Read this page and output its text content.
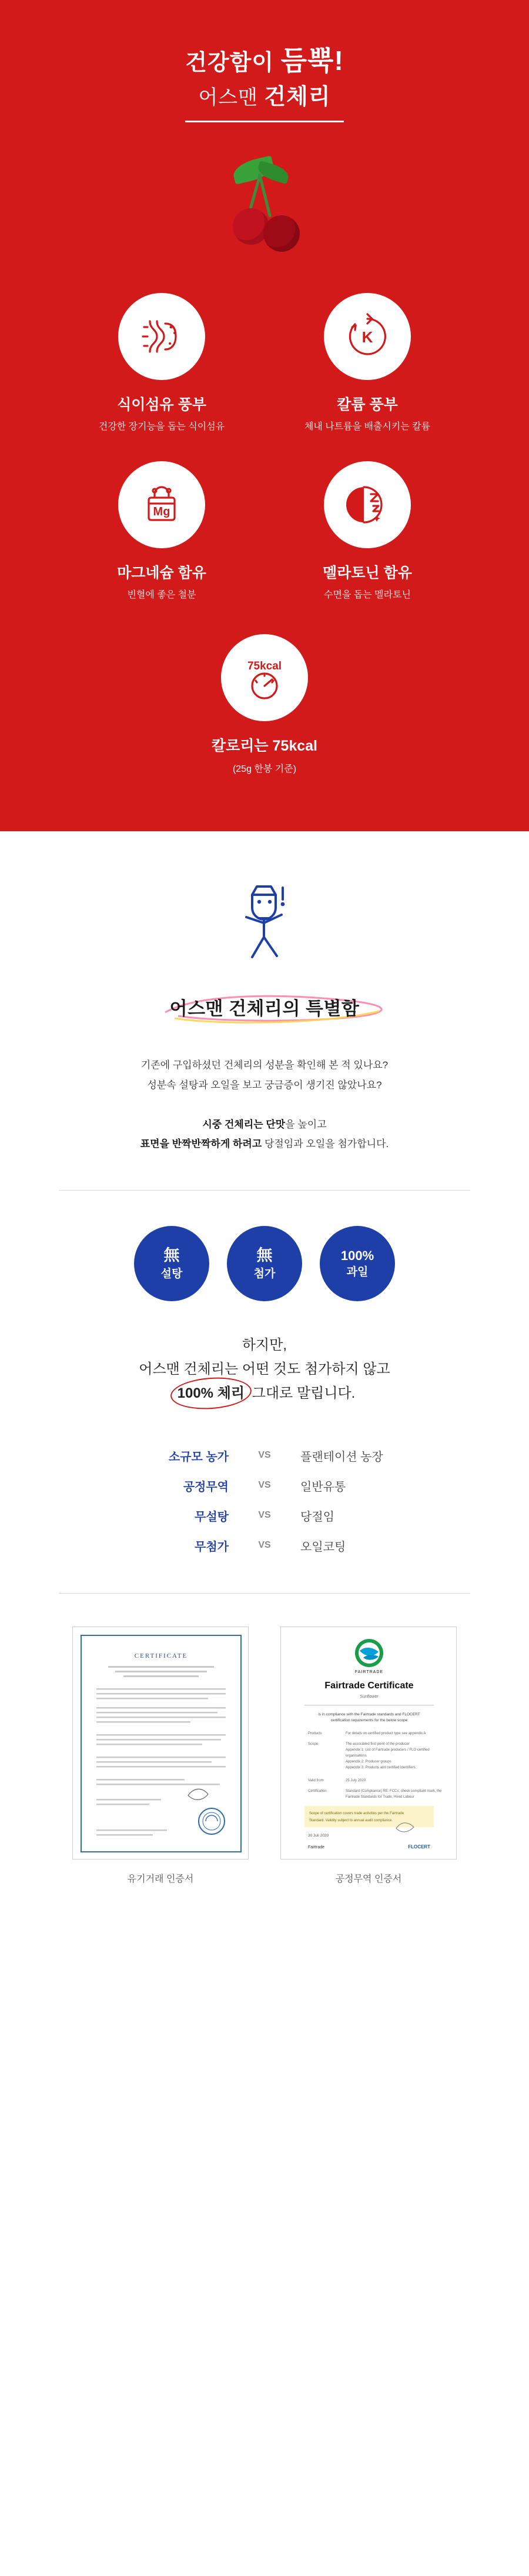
건강함이 듬뿍!
어스맨 건체리
식이섬유 풍부
건강한 장기능을 돕는 식이섬유
K
칼륨 풍부
체내 나트륨을 배출시키는 칼륨
Mg
마그네슘 함유
빈혈에 좋은 철분
멜라토닌 함유
수면을 돕는 멜라토닌
75kcal
칼로리는 75kcal
(25g 한봉 기준)
어스맨 건체리의 특별함
기존에 구입하셨던 건체리의 성분을 확인해 본 적 있나요?
성분속 설탕과 오일을 보고 궁금증이 생기진 않았나요?
시중 건체리는 단맛을 높이고
표면을 반짝반짝하게 하려고 당절임과 오일을 첨가합니다.
無
설탕
無
첨가
100%
과일
하지만,
어스맨 건체리는 어떤 것도 첨가하지 않고
100% 체리 그대로 말립니다.
소규모 농가	VS	플랜테이션 농장
공정무역	VS	일반유통
무설탕	VS	당절임
무첨가	VS	오일코팅
CERTIFICATE
유기거래 인증서
FAIRTRADE
Fairtrade Certificate
Sunflower
is in compliance with the Fairtrade standards and FLOCERT
certification requirements for the below scope
Products	For details on certified product type see appendix A
Scope	The associated first point of the producer
Appendix 1: List of Fairtrade producers / FLO certified
organisations
Appendix 2: Producer groups
Appendix 3: Products and certified identifiers
Valid from	25 July 2020
Certification	Standard (Compliance) RE: FCCs, check compliant mark, the
Fairtrade Standards for Trade, Hired Labour
Scope of certification covers trade activities per the Fairtrade
Standard. Validity subject to annual audit compliance.
30 Juli 2020
Fairtrade	FLOCERT
공정무역 인증서
